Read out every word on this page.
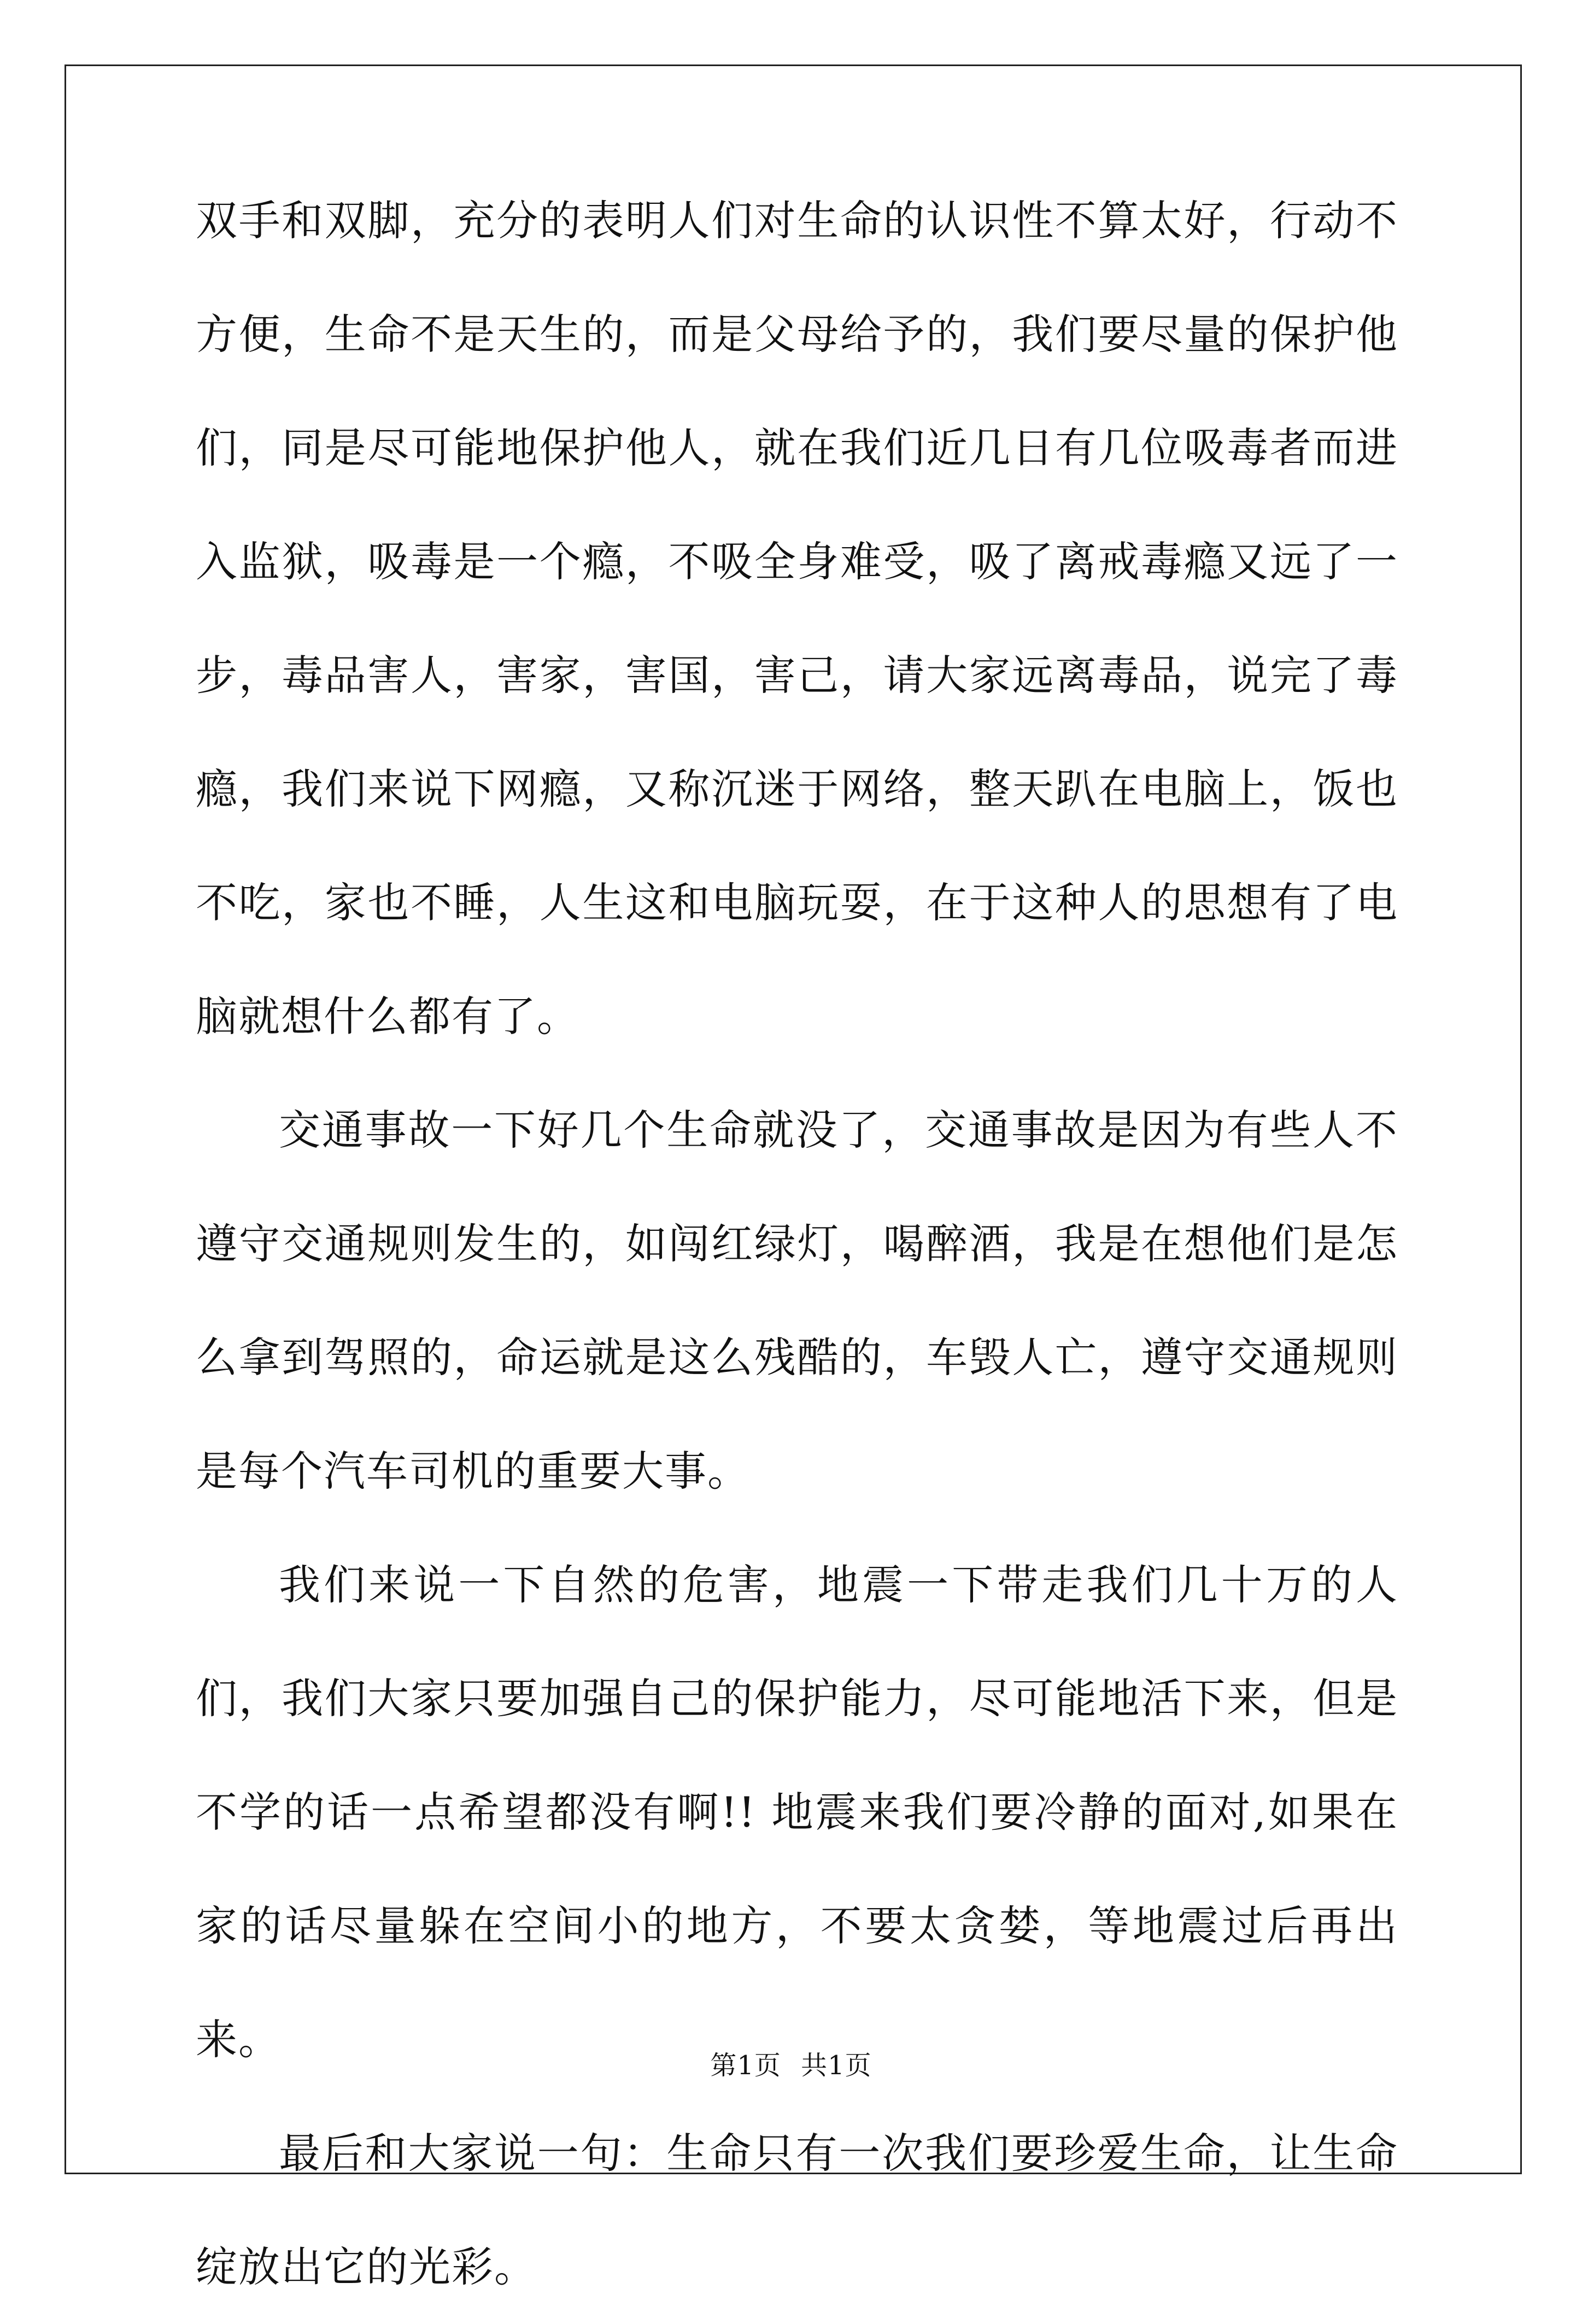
双手和双脚，充分的表明人们对生命的认识性不算太好，行动不方便，生命不是天生的，而是父母给予的，我们要尽量的保护他们，同是尽可能地保护他人，就在我们近几日有几位吸毒者而进入监狱，吸毒是一个瘾，不吸全身难受，吸了离戒毒瘾又远了一步，毒品害人，害家，害国，害己，请大家远离毒品，说完了毒瘾，我们来说下网瘾，又称沉迷于网络，整天趴在电脑上，饭也不吃，家也不睡，人生这和电脑玩耍，在于这种人的思想有了电脑就想什么都有了。

交通事故一下好几个生命就没了，交通事故是因为有些人不遵守交通规则发生的，如闯红绿灯，喝醉酒，我是在想他们是怎么拿到驾照的，命运就是这么残酷的，车毁人亡，遵守交通规则是每个汽车司机的重要大事。

我们来说一下自然的危害，地震一下带走我们几十万的人们，我们大家只要加强自己的保护能力，尽可能地活下来，但是不学的话一点希望都没有啊!! 地震来我们要冷静的面对,如果在家的话尽量躲在空间小的地方，不要太贪婪，等地震过后再出来。

最后和大家说一句：生命只有一次我们要珍爱生命，让生命绽放出它的光彩。

第1页 共1页
